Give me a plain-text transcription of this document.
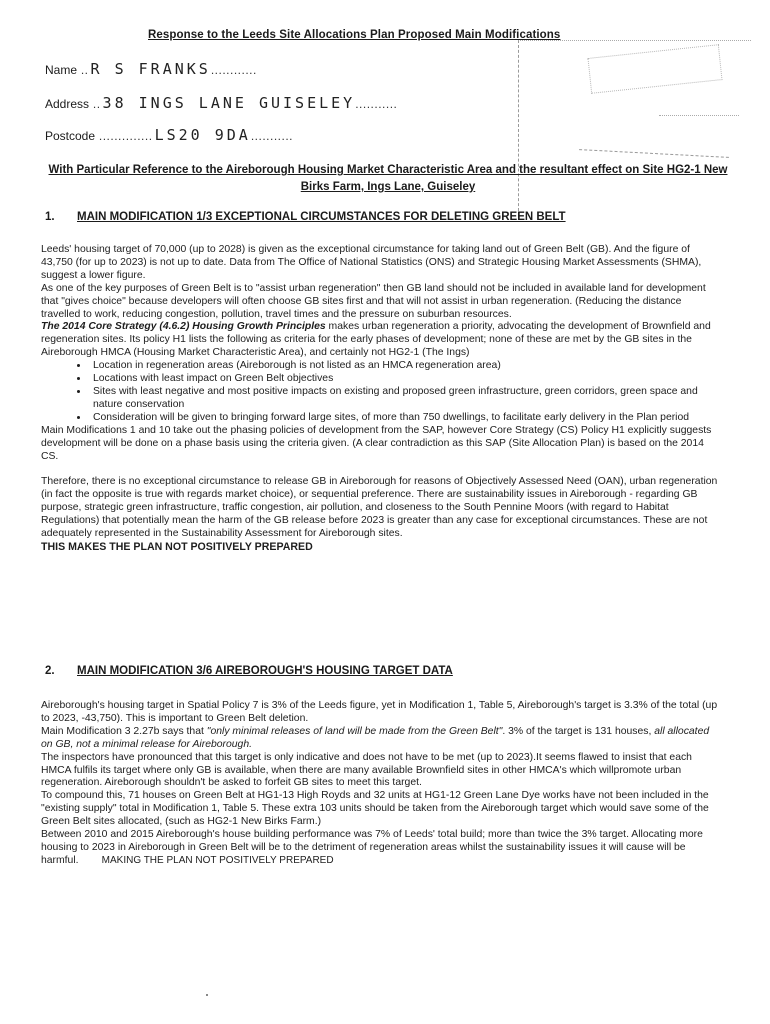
Response to the Leeds Site Allocations Plan Proposed Main Modifications
Name .. R S FRANKS............
Address .. 38 INGS LANE GUISELEY...........
Postcode .............. LS20 9DA...........
With Particular Reference to the Aireborough Housing Market Characteristic Area and the resultant effect on Site HG2-1 New Birks Farm, Ings Lane, Guiseley
1. MAIN MODIFICATION 1/3 EXCEPTIONAL CIRCUMSTANCES FOR DELETING GREEN BELT

Leeds' housing target of 70,000 (up to 2028) is given as the exceptional circumstance for taking land out of Green Belt (GB). And the figure of 43,750 (for up to 2023) is not up to date. Data from The Office of National Statistics (ONS) and Strategic Housing Market Assessments (SHMA), suggest a lower figure.

As one of the key purposes of Green Belt is to "assist urban regeneration" then GB land should not be included in available land for development that "gives choice" because developers will often choose GB sites first and that will not assist in urban regeneration. (Reducing the distance travelled to work, reducing congestion, pollution, travel times and the pressure on suburban resources.

The 2014 Core Strategy (4.6.2) Housing Growth Principles makes urban regeneration a priority, advocating the development of Brownfield and regeneration sites. Its policy H1 lists the following as criteria for the early phases of development; none of these are met by the GB sites in the Aireborough HMCA (Housing Market Characteristic Area), and certainly not HG2-1 (The Ings)

• Location in regeneration areas (Aireborough is not listed as an HMCA regeneration area)
• Locations with least impact on Green Belt objectives
• Sites with least negative and most positive impacts on existing and proposed green infrastructure, green corridors, green space and nature conservation
• Consideration will be given to bringing forward large sites, of more than 750 dwellings, to facilitate early delivery in the Plan period

Main Modifications 1 and 10 take out the phasing policies of development from the SAP, however Core Strategy (CS) Policy H1 explicitly suggests development will be done on a phase basis using the criteria given. (A clear contradiction as this SAP (Site Allocation Plan) is based on the 2014 CS.

Therefore, there is no exceptional circumstance to release GB in Aireborough for reasons of Objectively Assessed Need (OAN), urban regeneration (in fact the opposite is true with regards market choice), or sequential preference. There are sustainability issues in Aireborough - regarding GB purpose, strategic green infrastructure, traffic congestion, air pollution, and closeness to the South Pennine Moors (with regard to Habitat Regulations) that potentially mean the harm of the GB release before 2023 is greater than any case for exceptional circumstances. These are not adequately represented in the Sustainability Assessment for Aireborough sites.

THIS MAKES THE PLAN NOT POSITIVELY PREPARED

2. MAIN MODIFICATION 3/6 AIREBOROUGH'S HOUSING TARGET DATA

Aireborough's housing target in Spatial Policy 7 is 3% of the Leeds figure, yet in Modification 1, Table 5, Aireborough's target is 3.3% of the total (up to 2023, -43,750). This is important to Green Belt deletion.

Main Modification 3 2.27b says that "only minimal releases of land will be made from the Green Belt". 3% of the target is 131 houses, all allocated on GB, not a minimal release for Aireborough.

The inspectors have pronounced that this target is only indicative and does not have to be met (up to 2023).It seems flawed to insist that each HMCA fulfils its target where only GB is available, when there are many available Brownfield sites in other HMCA's which willpromote urban regeneration. Aireborough shouldn't be asked to forfeit GB sites to meet this target.

To compound this, 71 houses on Green Belt at HG1-13 High Royds and 32 units at HG1-12 Green Lane Dye works have not been included in the "existing supply" total in Modification 1, Table 5. These extra 103 units should be taken from the Aireborough target which would save some of the Green Belt sites allocated, (such as HG2-1 New Birks Farm.)

Between 2010 and 2015 Aireborough's house building performance was 7% of Leeds' total build; more than twice the 3% target. Allocating more housing to 2023 in Aireborough in Green Belt will be to the detriment of regeneration areas whilst the sustainability issues it will cause will be harmful. MAKING THE PLAN NOT POSITIVELY PREPARED
